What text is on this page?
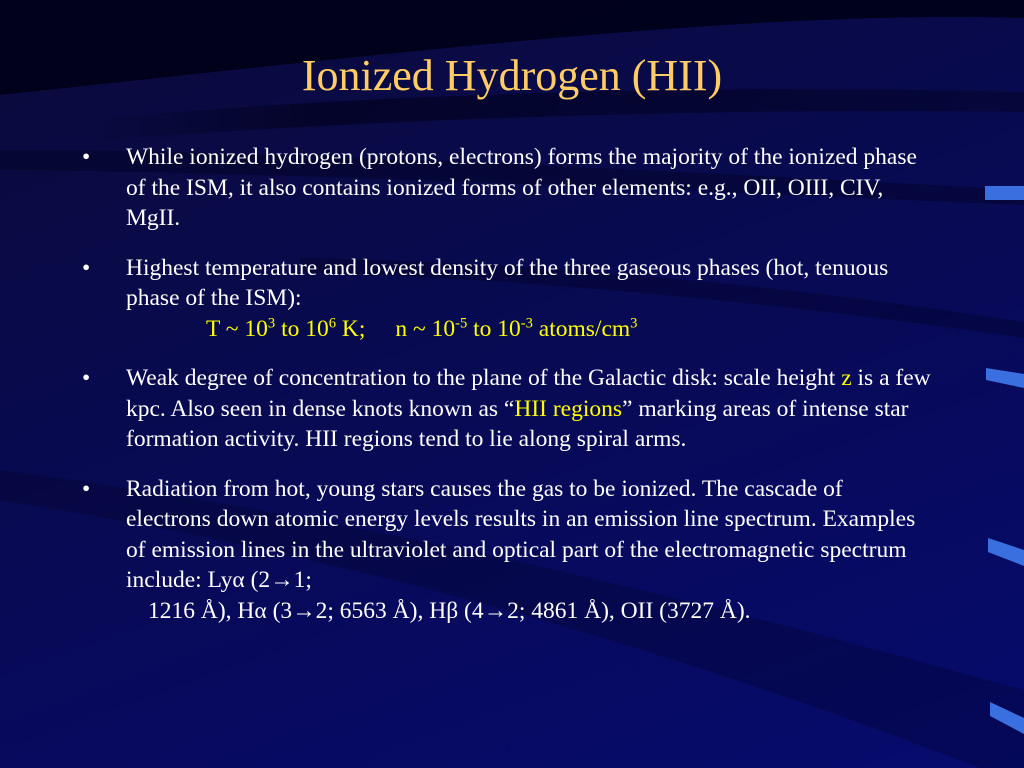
Ionized Hydrogen (HII)
• While ionized hydrogen (protons, electrons) forms the majority of the ionized phase of the ISM, it also contains ionized forms of other elements: e.g., OII, OIII, CIV, MgII.
• Highest temperature and lowest density of the three gaseous phases (hot, tenuous phase of the ISM):
T ~ $10^3$ to $10^6$ K; n ~ $10^{-5}$ to $10^{-3}$ atoms/$cm^3$
• Weak degree of concentration to the plane of the Galactic disk: scale height z is a few kpc. Also seen in dense knots known as “HII regions” marking areas of intense star formation activity. HII regions tend to lie along spiral arms.
• Radiation from hot, young stars causes the gas to be ionized. The cascade of electrons down atomic energy levels results in an emission line spectrum. Examples of emission lines in the ultraviolet and optical part of the electromagnetic spectrum include: Lyα (2→1;
1216 Å), Hα (3→2; 6563 Å), Hβ (4→2; 4861 Å), OII (3727 Å).
